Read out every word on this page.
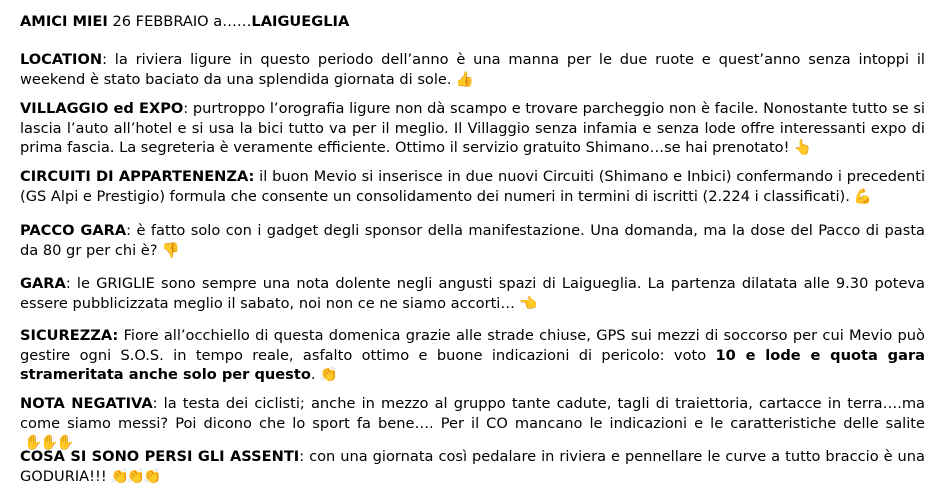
AMICI MIEI 26 FEBBRAIO a……LAIGUEGLIA

LOCATION: la riviera ligure in questo periodo dell’anno è una manna per le due ruote e quest’anno senza intoppi il weekend è stato baciato da una splendida giornata di sole. 👍

VILLAGGIO ed EXPO: purtroppo l’orografia ligure non dà scampo e trovare parcheggio non è facile. Nonostante tutto se si lascia l’auto all’hotel e si usa la bici tutto va per il meglio. Il Villaggio senza infamia e senza lode offre interessanti expo di prima fascia. La segreteria è veramente efficiente. Ottimo il servizio gratuito Shimano…se hai prenotato! 👆

CIRCUITI DI APPARTENENZA: il buon Mevio si inserisce in due nuovi Circuiti (Shimano e Inbici) confermando i precedenti (GS Alpi e Prestigio) formula che consente un consolidamento dei numeri in termini di iscritti (2.224 i classificati). 💪

PACCO GARA: è fatto solo con i gadget degli sponsor della manifestazione. Una domanda, ma la dose del Pacco di pasta da 80 gr per chi è? 👎

GARA: le GRIGLIE sono sempre una nota dolente negli angusti spazi di Laigueglia. La partenza dilatata alle 9.30 poteva essere pubblicizzata meglio il sabato, noi non ce ne siamo accorti… 👈

SICUREZZA: Fiore all’occhiello di questa domenica grazie alle strade chiuse, GPS sui mezzi di soccorso per cui Mevio può gestire ogni S.O.S. in tempo reale, asfalto ottimo e buone indicazioni di pericolo: voto 10 e lode e quota gara strameritata anche solo per questo. 👏

NOTA NEGATIVA: la testa dei ciclisti; anche in mezzo al gruppo tante cadute, tagli di traiettoria, cartacce in terra….ma come siamo messi? Poi dicono che lo sport fa bene…. Per il CO mancano le indicazioni e le caratteristiche delle salite✋✋✋

COSA SI SONO PERSI GLI ASSENTI: con una giornata così pedalare in riviera e pennellare le curve a tutto braccio è una GODURIA!!! 👏👏👏
